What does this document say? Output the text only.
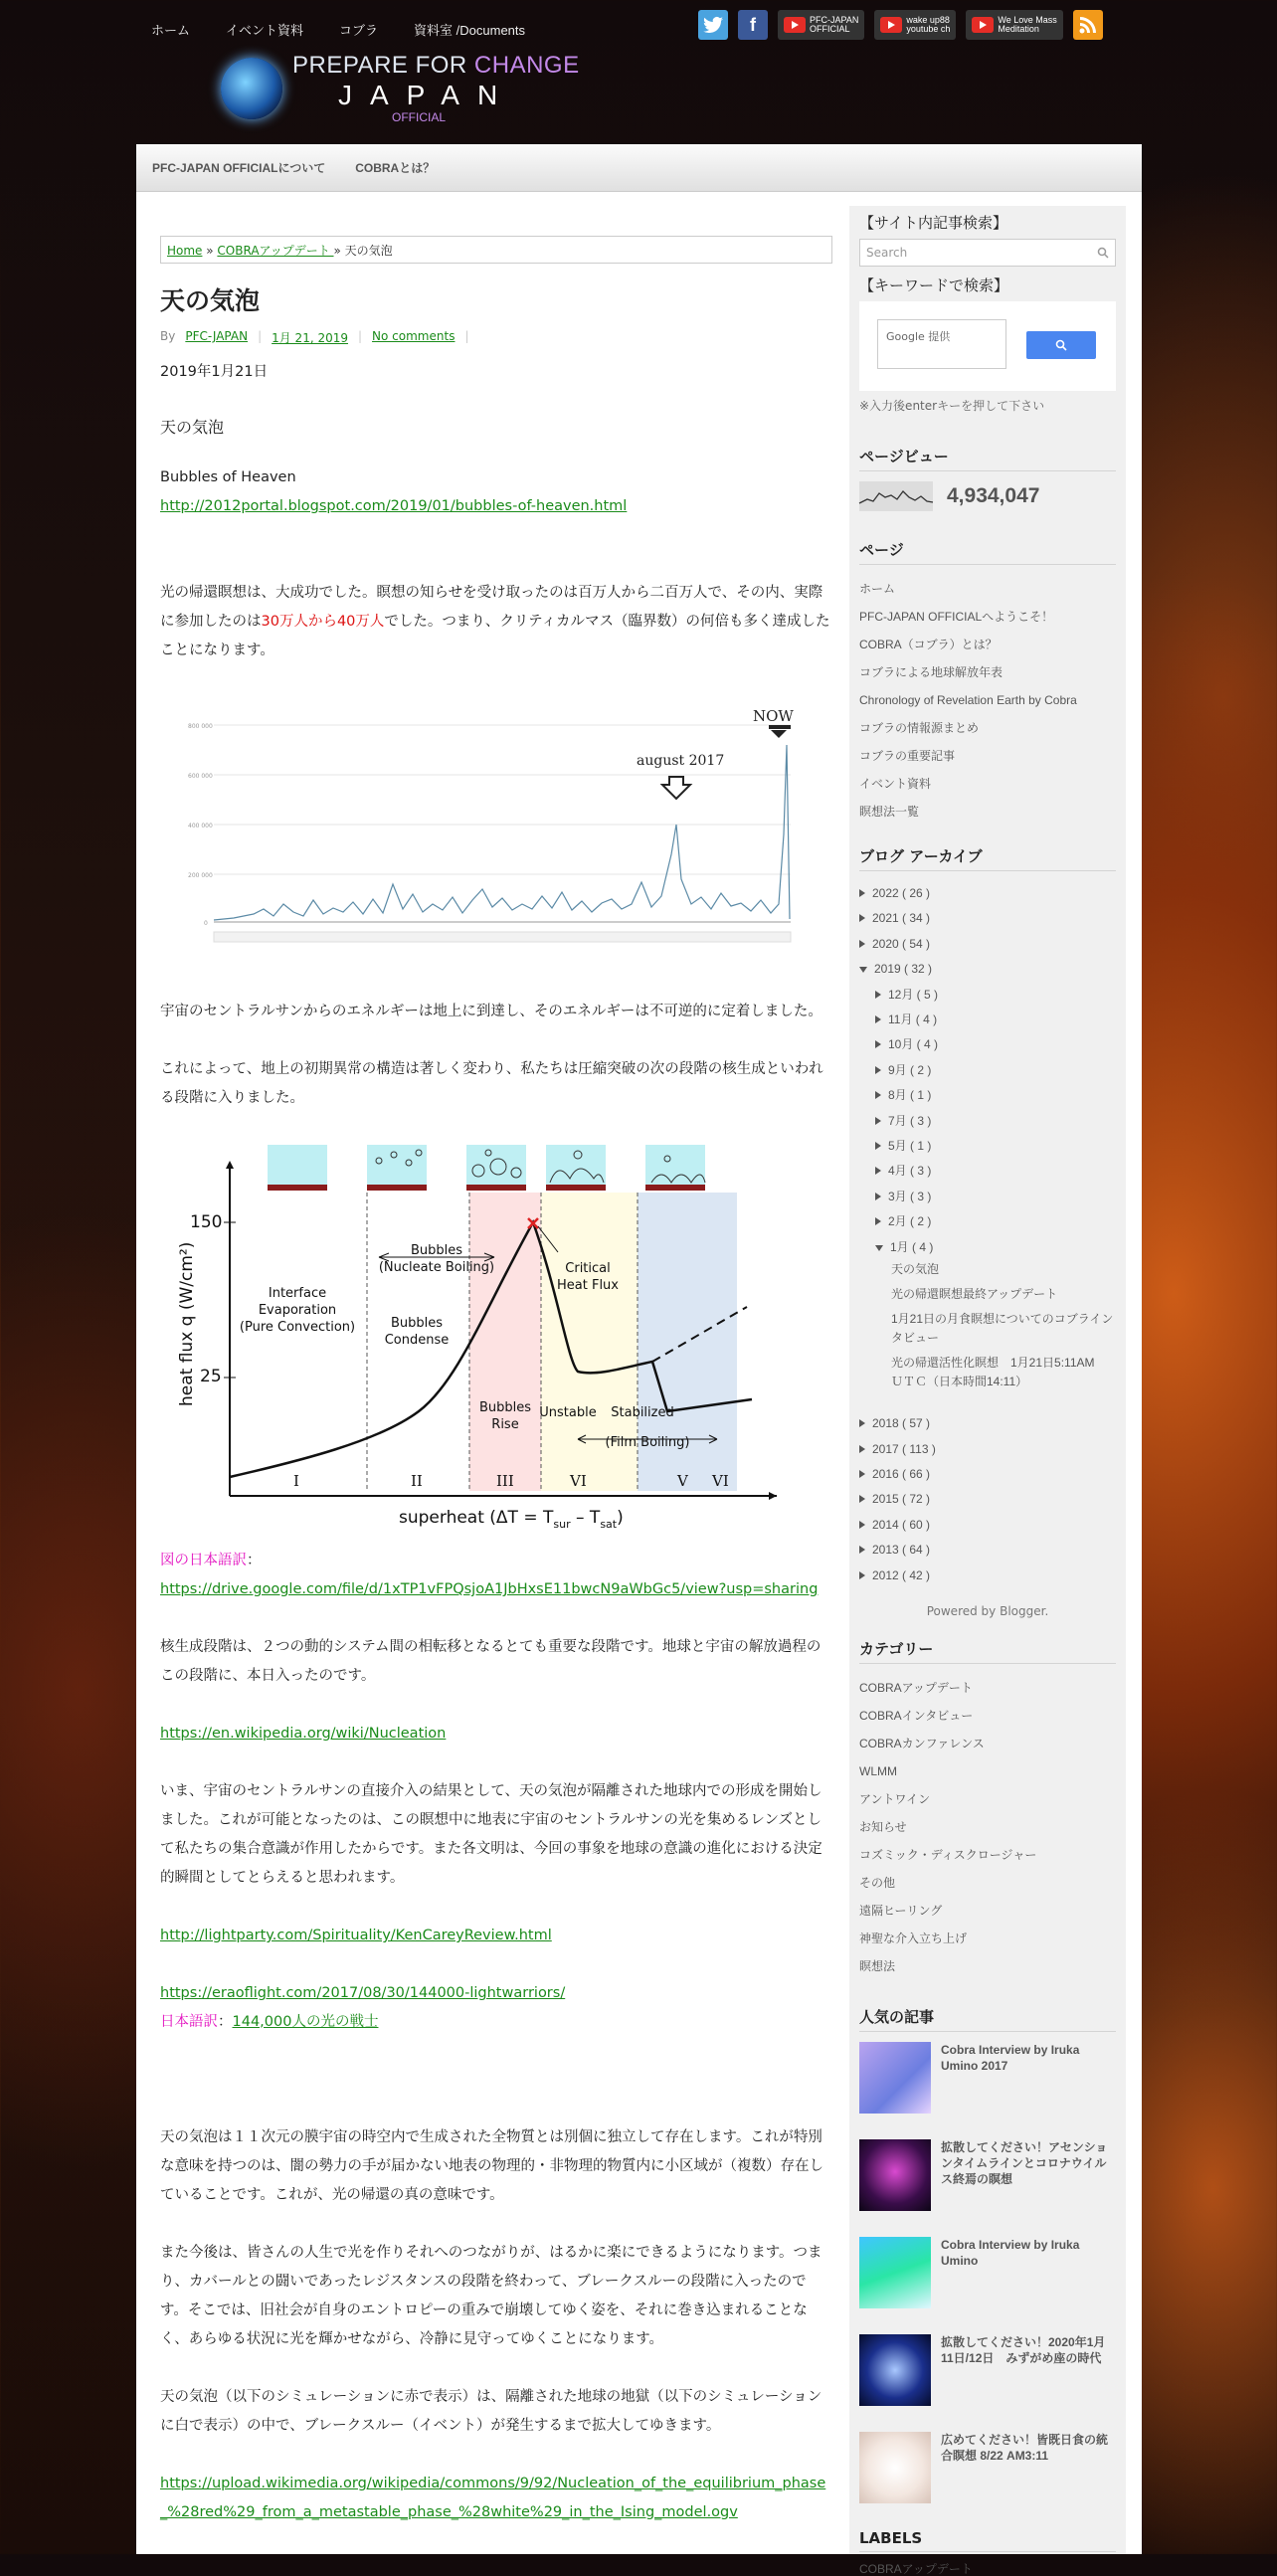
ホーム	イベント資料	コブラ	資料室 /Documents	f	PFC-JAPAN
OFFICIAL
wake up88
youtube ch
We Love Mass
Meditation
PREPARE FOR CHANGE
JAPAN
OFFICIAL
PFC-JAPAN OFFICIALについて	COBRAとは？
Home » COBRAアップデート » 天の気泡
天の気泡
By PFC-JAPAN | 1月 21, 2019 | No comments |

2019年1月21日

天の気泡

Bubbles of Heaven

http://2012portal.blogspot.com/2019/01/bubbles-of-heaven.html

光の帰還瞑想は、大成功でした。瞑想の知らせを受け取ったのは百万人から二百万人で、その内、実際に参加したのは30万人から40万人でした。つまり、クリティカルマス（臨界数）の何倍も多く達成したことになります。

800 000
600 000
400 000
200 000
0
august 2017
NOW

宇宙のセントラルサンからのエネルギーは地上に到達し、そのエネルギーは不可逆的に定着しました。

これによって、地上の初期異常の構造は著しく変わり、私たちは圧縮突破の次の段階の核生成といわれる段階に入りました。

150
25
heat flux q (W/cm²)
superheat $(\Delta T = T_{sur} - T_{sat})$
I	II	III	VI	V VI
Interface
Evaporation
(Pure Convection)
Bubbles
(Nucleate Boiling)
Bubbles
Condense
Bubbles
Rise
Critical
Heat Flux
Unstable Stabilized
(Film Boiling)

図の日本語訳：

https://drive.google.com/file/d/1xTP1vFPQsjoA1JbHxsE11bwcN9aWbGc5/view?usp=sharing

核生成段階は、２つの動的システム間の相転移となるとても重要な段階です。地球と宇宙の解放過程のこの段階に、本日入ったのです。

https://en.wikipedia.org/wiki/Nucleation

いま、宇宙のセントラルサンの直接介入の結果として、天の気泡が隔離された地球内での形成を開始しました。これが可能となったのは、この瞑想中に地表に宇宙のセントラルサンの光を集めるレンズとして私たちの集合意識が作用したからです。また各文明は、今回の事象を地球の意識の進化における決定的瞬間としてとらえると思われます。

http://lightparty.com/Spirituality/KenCareyReview.html

https://eraoflight.com/2017/08/30/144000-lightwarriors/

日本語訳：144,000人の光の戦士

天の気泡は１１次元の膜宇宙の時空内で生成された全物質とは別個に独立して存在します。これが特別な意味を持つのは、闇の勢力の手が届かない地表の物理的・非物理的物質内に小区域が（複数）存在していることです。これが、光の帰還の真の意味です。

また今後は、皆さんの人生で光を作りそれへのつながりが、はるかに楽にできるようになります。つまり、カバールとの闘いであったレジスタンスの段階を終わって、ブレークスルーの段階に入ったのです。そこでは、旧社会が自身のエントロピーの重みで崩壊してゆく姿を、それに巻き込まれることなく、あらゆる状況に光を輝かせながら、冷静に見守ってゆくことになります。

天の気泡（以下のシミュレーションに赤で表示）は、隔離された地球の地獄（以下のシミュレーションに白で表示）の中で、ブレークスルー（イベント）が発生するまで拡大してゆきます。

https://upload.wikimedia.org/wikipedia/commons/9/92/Nucleation_of_the_equilibrium_phase_%28red%29_from_a_metastable_phase_%28white%29_in_the_Ising_model.ogv

【サイト内記事検索】
Search
【キーワードで検索】
Google 提供
※入力後enterキーを押して下さい
ページビュー
4,934,047
ページ
ホーム
PFC-JAPAN OFFICIALへようこそ！
COBRA（コブラ）とは？
コブラによる地球解放年表
Chronology of Revelation Earth by Cobra
コブラの情報源まとめ
コブラの重要記事
イベント資料
瞑想法一覧
ブログ アーカイブ
2022 ( 26 )
2021 ( 34 )
2020 ( 54 )
2019 ( 32 )
12月 ( 5 )
11月 ( 4 )
10月 ( 4 )
9月 ( 2 )
8月 ( 1 )
7月 ( 3 )
5月 ( 1 )
4月 ( 3 )
3月 ( 3 )
2月 ( 2 )
1月 ( 4 )
天の気泡
光の帰還瞑想最終アップデート
1月21日の月食瞑想についてのコブラインタビュー
光の帰還活性化瞑想　1月21日5:11AM　ＵＴＣ（日本時間14:11）
2018 ( 57 )
2017 ( 113 )
2016 ( 66 )
2015 ( 72 )
2014 ( 60 )
2013 ( 64 )
2012 ( 42 )
Powered by Blogger.
カテゴリー
COBRAアップデート
COBRAインタビュー
COBRAカンファレンス
WLMM
アントワイン
お知らせ
コズミック・ディスクロージャー
その他
遠隔ヒーリング
神聖な介入立ち上げ
瞑想法
人気の記事
Cobra Interview by Iruka Umino 2017
拡散してください！アセンションタイムラインとコロナウイルス終焉の瞑想
Cobra Interview by Iruka Umino
拡散してください！2020年1月11日/12日　みずがめ座の時代
広めてください！皆既日食の統合瞑想 8/22 AM3:11
LABELS
COBRAアップデート
